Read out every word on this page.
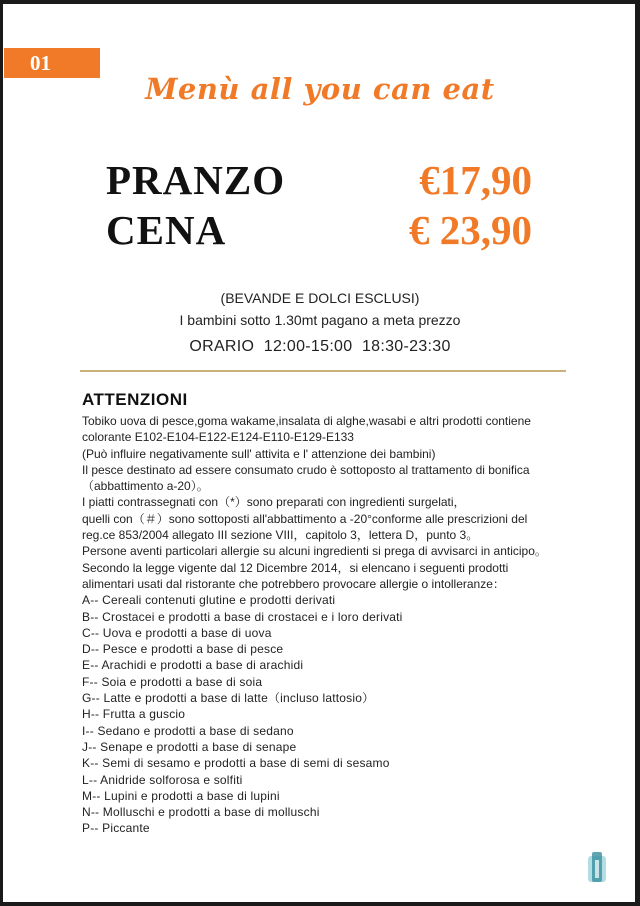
01
Menù all you can eat
PRANZO	€17,90
CENA	€ 23,90
(BEVANDE E DOLCI ESCLUSI)
I bambini sotto 1.30mt pagano a meta prezzo
ORARIO  12:00-15:00  18:30-23:30
ATTENZIONI

Tobiko uova di pesce,goma wakame,insalata di alghe,wasabi e altri prodotti contiene

colorante E102-E104-E122-E124-E110-E129-E133

(Può influire negativamente sull' attivita e l' attenzione dei bambini)

Il pesce destinato ad essere consumato crudo è sottoposto al trattamento di bonifica

（abbattimento a-20）。

I piatti contrassegnati con（*）sono preparati con ingredienti surgelati，

quelli con（＃）sono sottoposti all'abbattimento a -20°conforme alle prescrizioni del

reg.ce 853/2004 allegato III sezione VIII，capitolo 3，lettera D，punto 3。

Persone aventi particolari allergie su alcuni ingredienti si prega di avvisarci in anticipo。

Secondo la legge vigente dal 12 Dicembre 2014，si elencano i seguenti prodotti

alimentari usati dal ristorante che potrebbero provocare allergie o intolleranze：

A-- Cereali contenuti glutine e prodotti derivati

B-- Crostacei e prodotti a base di crostacei e i loro derivati

C-- Uova e prodotti a base di uova

D-- Pesce e prodotti a base di pesce

E-- Arachidi e prodotti a base di arachidi

F-- Soia e prodotti a base di soia

G-- Latte e prodotti a base di latte（incluso lattosio）

H-- Frutta a guscio

I-- Sedano e prodotti a base di sedano

J-- Senape e prodotti a base di senape

K-- Semi di sesamo e prodotti a base di semi di sesamo

L-- Anidride solforosa e solfiti

M-- Lupini e prodotti a base di lupini

N-- Molluschi e prodotti a base di molluschi

P-- Piccante
